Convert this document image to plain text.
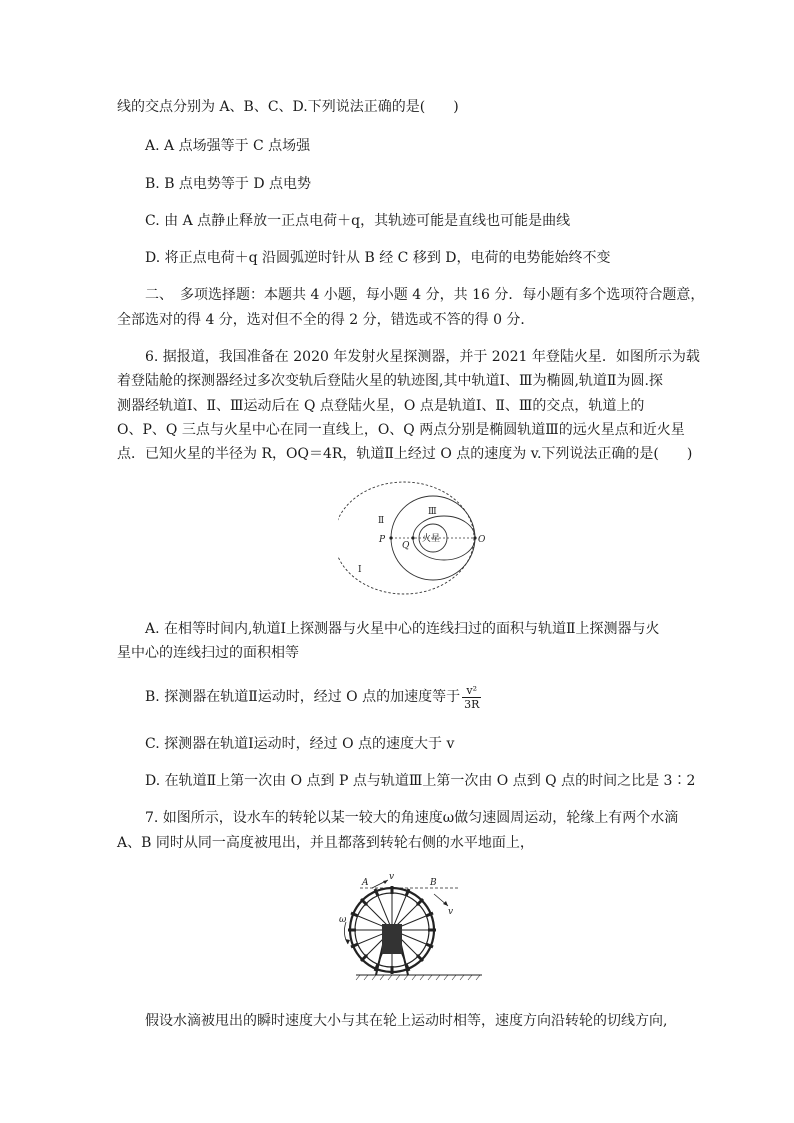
线的交点分别为 A、B、C、D.下列说法正确的是(　　)
A. A 点场强等于 C 点场强
B. B 点电势等于 D 点电势
C. 由 A 点静止释放一正点电荷＋q，其轨迹可能是直线也可能是曲线
D. 将正点电荷＋q 沿圆弧逆时针从 B 经 C 移到 D，电荷的电势能始终不变
二、　多项选择题：本题共 4 小题，每小题 4 分，共 16 分．每小题有多个选项符合题意，
全部选对的得 4 分，选对但不全的得 2 分，错选或不答的得 0 分．
6. 据报道，我国准备在 2020 年发射火星探测器，并于 2021 年登陆火星．如图所示为载
着登陆舱的探测器经过多次变轨后登陆火星的轨迹图,其中轨道Ⅰ、Ⅲ为椭圆,轨道Ⅱ为圆.探
测器经轨道Ⅰ、Ⅱ、Ⅲ运动后在 Q 点登陆火星，O 点是轨道Ⅰ、Ⅱ、Ⅲ的交点，轨道上的
O、P、Q 三点与火星中心在同一直线上，O、Q 两点分别是椭圆轨道Ⅲ的远火星点和近火星
点．已知火星的半径为 R，OQ＝4R，轨道Ⅱ上经过 O 点的速度为 v.下列说法正确的是(　　)
Ⅱ
Ⅲ
Ⅰ
P
Q
O
火星
A. 在相等时间内,轨道Ⅰ上探测器与火星中心的连线扫过的面积与轨道Ⅱ上探测器与火
星中心的连线扫过的面积相等
B. 探测器在轨道Ⅱ运动时，经过 O 点的加速度等于 $\frac{\text{v²}}{3R}$
C. 探测器在轨道Ⅰ运动时，经过 O 点的速度大于 v
D. 在轨道Ⅱ上第一次由 O 点到 P 点与轨道Ⅲ上第一次由 O 点到 Q 点的时间之比是 3∶2
7. 如图所示，设水车的转轮以某一较大的角速度ω做匀速圆周运动，轮缘上有两个水滴
A、B 同时从同一高度被甩出，并且都落到转轮右侧的水平地面上，
A
v
B
v
ω
假设水滴被甩出的瞬时速度大小与其在轮上运动时相等，速度方向沿转轮的切线方向,
